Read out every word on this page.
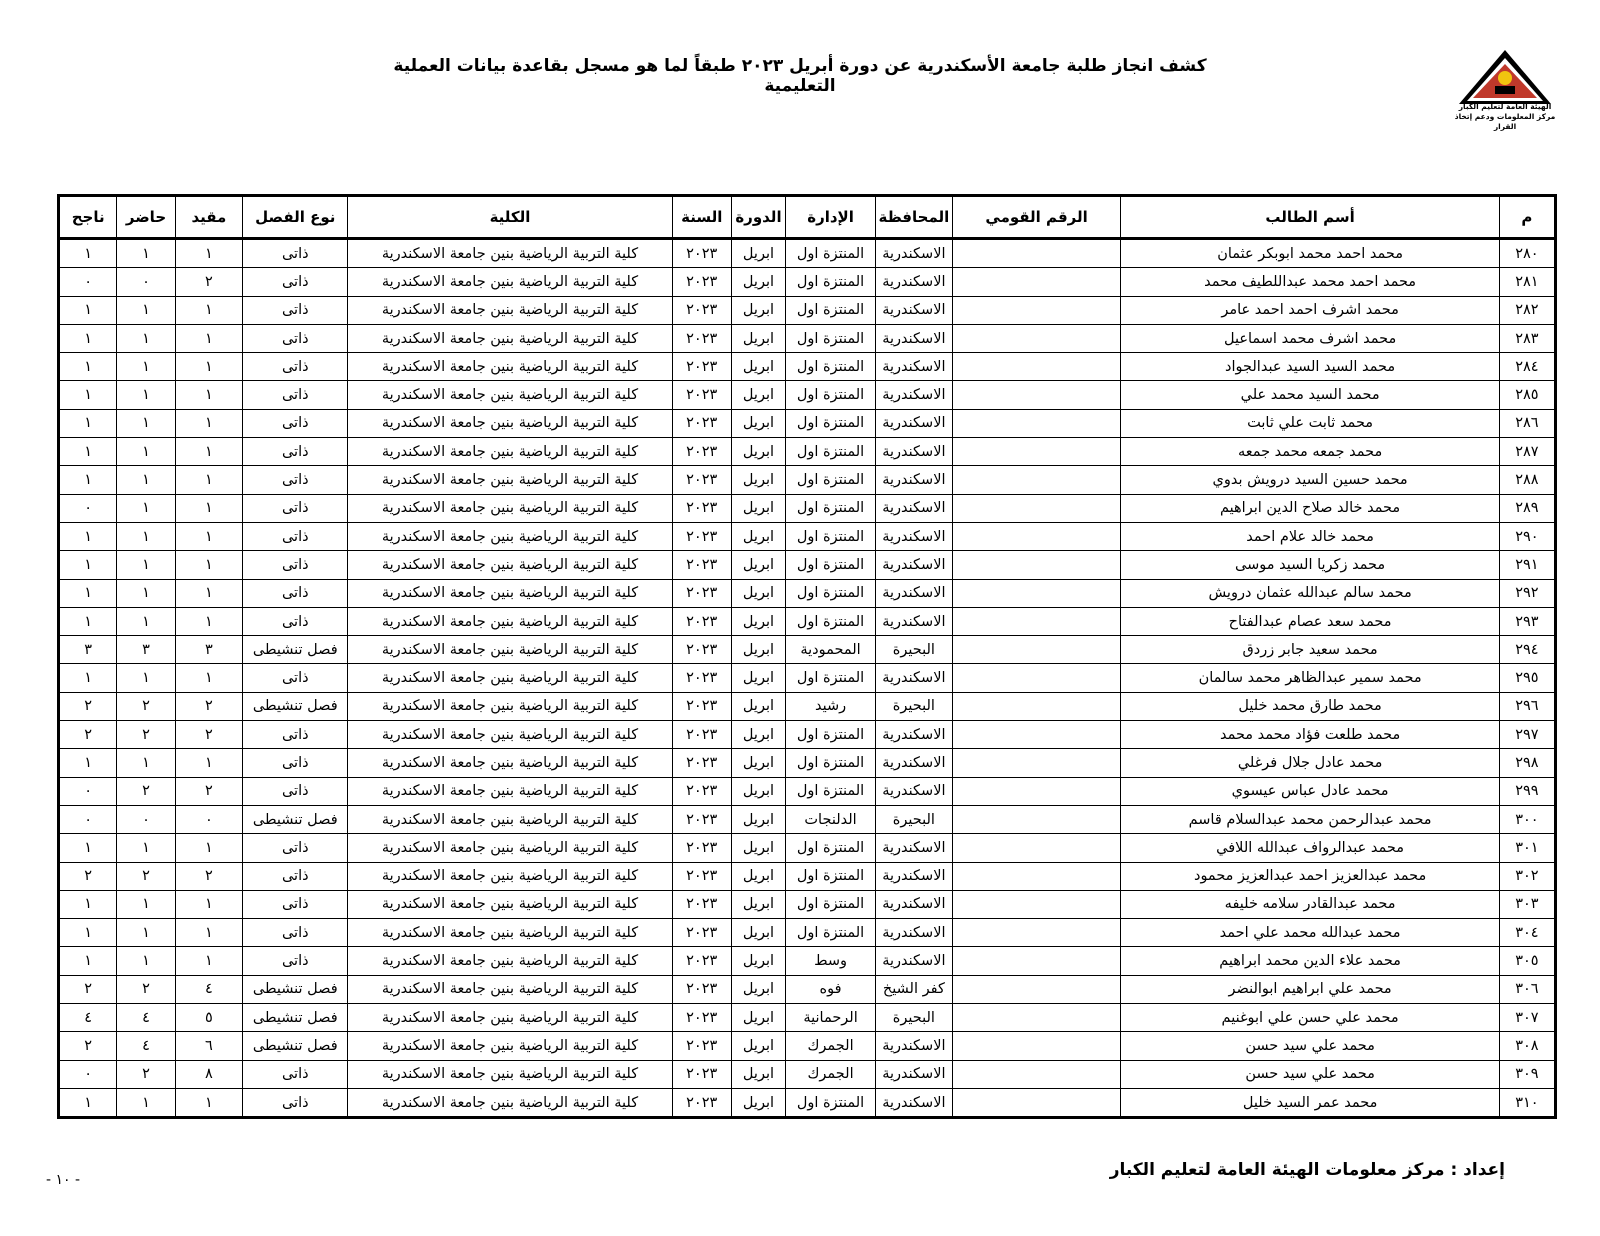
الهيئة العامة لتعليم الكبار
مركز المعلومات ودعم إتخاذ القرار
كشف انجاز طلبة جامعة الأسكندرية عن دورة أبريل ٢٠٢٣ طبقاً لما هو مسجل بقاعدة بيانات العملية التعليمية
م	أسم الطالب	الرقم القومي	المحافظة	الإدارة	الدورة	السنة	الكلية	نوع الفصل	مقيد	حاضر	ناجح
٢٨٠	محمد احمد محمد ابوبكر عثمان		الاسكندرية	المنتزة اول	ابريل	٢٠٢٣	كلية التربية الرياضية بنين جامعة الاسكندرية	ذاتى	١	١	١
٢٨١	محمد احمد محمد عبداللطيف محمد		الاسكندرية	المنتزة اول	ابريل	٢٠٢٣	كلية التربية الرياضية بنين جامعة الاسكندرية	ذاتى	٢	٠	٠
٢٨٢	محمد اشرف احمد احمد عامر		الاسكندرية	المنتزة اول	ابريل	٢٠٢٣	كلية التربية الرياضية بنين جامعة الاسكندرية	ذاتى	١	١	١
٢٨٣	محمد اشرف محمد اسماعيل		الاسكندرية	المنتزة اول	ابريل	٢٠٢٣	كلية التربية الرياضية بنين جامعة الاسكندرية	ذاتى	١	١	١
٢٨٤	محمد السيد السيد عبدالجواد		الاسكندرية	المنتزة اول	ابريل	٢٠٢٣	كلية التربية الرياضية بنين جامعة الاسكندرية	ذاتى	١	١	١
٢٨٥	محمد السيد محمد علي		الاسكندرية	المنتزة اول	ابريل	٢٠٢٣	كلية التربية الرياضية بنين جامعة الاسكندرية	ذاتى	١	١	١
٢٨٦	محمد ثابت علي ثابت		الاسكندرية	المنتزة اول	ابريل	٢٠٢٣	كلية التربية الرياضية بنين جامعة الاسكندرية	ذاتى	١	١	١
٢٨٧	محمد جمعه محمد جمعه		الاسكندرية	المنتزة اول	ابريل	٢٠٢٣	كلية التربية الرياضية بنين جامعة الاسكندرية	ذاتى	١	١	١
٢٨٨	محمد حسين السيد درويش بدوي		الاسكندرية	المنتزة اول	ابريل	٢٠٢٣	كلية التربية الرياضية بنين جامعة الاسكندرية	ذاتى	١	١	١
٢٨٩	محمد خالد صلاح الدين ابراهيم		الاسكندرية	المنتزة اول	ابريل	٢٠٢٣	كلية التربية الرياضية بنين جامعة الاسكندرية	ذاتى	١	١	٠
٢٩٠	محمد خالد علام احمد		الاسكندرية	المنتزة اول	ابريل	٢٠٢٣	كلية التربية الرياضية بنين جامعة الاسكندرية	ذاتى	١	١	١
٢٩١	محمد زكريا السيد موسى		الاسكندرية	المنتزة اول	ابريل	٢٠٢٣	كلية التربية الرياضية بنين جامعة الاسكندرية	ذاتى	١	١	١
٢٩٢	محمد سالم عبدالله عثمان درويش		الاسكندرية	المنتزة اول	ابريل	٢٠٢٣	كلية التربية الرياضية بنين جامعة الاسكندرية	ذاتى	١	١	١
٢٩٣	محمد سعد عصام عبدالفتاح		الاسكندرية	المنتزة اول	ابريل	٢٠٢٣	كلية التربية الرياضية بنين جامعة الاسكندرية	ذاتى	١	١	١
٢٩٤	محمد سعيد جابر زردق		البحيرة	المحمودية	ابريل	٢٠٢٣	كلية التربية الرياضية بنين جامعة الاسكندرية	فصل تنشيطى	٣	٣	٣
٢٩٥	محمد سمير عبدالظاهر محمد سالمان		الاسكندرية	المنتزة اول	ابريل	٢٠٢٣	كلية التربية الرياضية بنين جامعة الاسكندرية	ذاتى	١	١	١
٢٩٦	محمد طارق محمد خليل		البحيرة	رشيد	ابريل	٢٠٢٣	كلية التربية الرياضية بنين جامعة الاسكندرية	فصل تنشيطى	٢	٢	٢
٢٩٧	محمد طلعت فؤاد محمد محمد		الاسكندرية	المنتزة اول	ابريل	٢٠٢٣	كلية التربية الرياضية بنين جامعة الاسكندرية	ذاتى	٢	٢	٢
٢٩٨	محمد عادل جلال فرغلي		الاسكندرية	المنتزة اول	ابريل	٢٠٢٣	كلية التربية الرياضية بنين جامعة الاسكندرية	ذاتى	١	١	١
٢٩٩	محمد عادل عباس عيسوي		الاسكندرية	المنتزة اول	ابريل	٢٠٢٣	كلية التربية الرياضية بنين جامعة الاسكندرية	ذاتى	٢	٢	٠
٣٠٠	محمد عبدالرحمن محمد عبدالسلام قاسم		البحيرة	الدلنجات	ابريل	٢٠٢٣	كلية التربية الرياضية بنين جامعة الاسكندرية	فصل تنشيطى	٠	٠	٠
٣٠١	محمد عبدالرواف عبدالله اللافي		الاسكندرية	المنتزة اول	ابريل	٢٠٢٣	كلية التربية الرياضية بنين جامعة الاسكندرية	ذاتى	١	١	١
٣٠٢	محمد عبدالعزيز احمد عبدالعزيز محمود		الاسكندرية	المنتزة اول	ابريل	٢٠٢٣	كلية التربية الرياضية بنين جامعة الاسكندرية	ذاتى	٢	٢	٢
٣٠٣	محمد عبدالقادر سلامه خليفه		الاسكندرية	المنتزة اول	ابريل	٢٠٢٣	كلية التربية الرياضية بنين جامعة الاسكندرية	ذاتى	١	١	١
٣٠٤	محمد عبدالله محمد علي احمد		الاسكندرية	المنتزة اول	ابريل	٢٠٢٣	كلية التربية الرياضية بنين جامعة الاسكندرية	ذاتى	١	١	١
٣٠٥	محمد علاء الدين محمد ابراهيم		الاسكندرية	وسط	ابريل	٢٠٢٣	كلية التربية الرياضية بنين جامعة الاسكندرية	ذاتى	١	١	١
٣٠٦	محمد علي ابراهيم ابوالنضر		كفر الشيخ	فوه	ابريل	٢٠٢٣	كلية التربية الرياضية بنين جامعة الاسكندرية	فصل تنشيطى	٤	٢	٢
٣٠٧	محمد علي حسن علي ابوغنيم		البحيرة	الرحمانية	ابريل	٢٠٢٣	كلية التربية الرياضية بنين جامعة الاسكندرية	فصل تنشيطى	٥	٤	٤
٣٠٨	محمد علي سيد حسن		الاسكندرية	الجمرك	ابريل	٢٠٢٣	كلية التربية الرياضية بنين جامعة الاسكندرية	فصل تنشيطى	٦	٤	٢
٣٠٩	محمد علي سيد حسن		الاسكندرية	الجمرك	ابريل	٢٠٢٣	كلية التربية الرياضية بنين جامعة الاسكندرية	ذاتى	٨	٢	٠
٣١٠	محمد عمر السيد خليل		الاسكندرية	المنتزة اول	ابريل	٢٠٢٣	كلية التربية الرياضية بنين جامعة الاسكندرية	ذاتى	١	١	١
إعداد : مركز معلومات الهيئة العامة لتعليم الكبار
- ١٠ -
